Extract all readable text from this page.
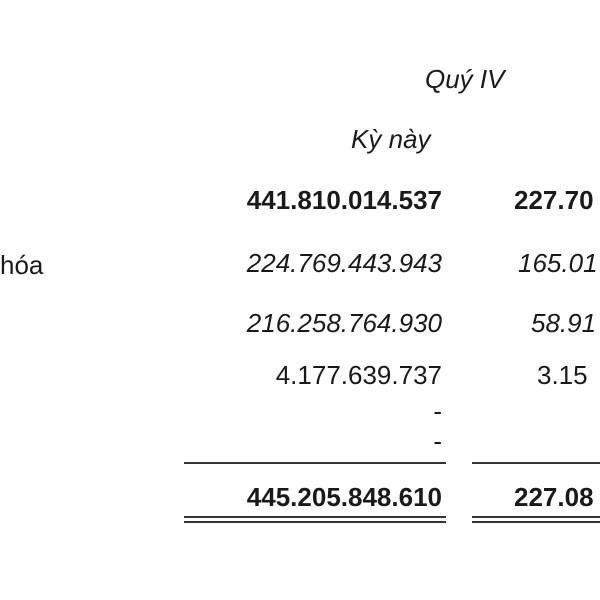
Quý IV
Kỳ này
hóa
441.810.014.537
224.769.443.943
216.258.764.930
4.177.639.737
-
-
445.205.848.610
227.70
165.01
58.91
3.15
227.08
